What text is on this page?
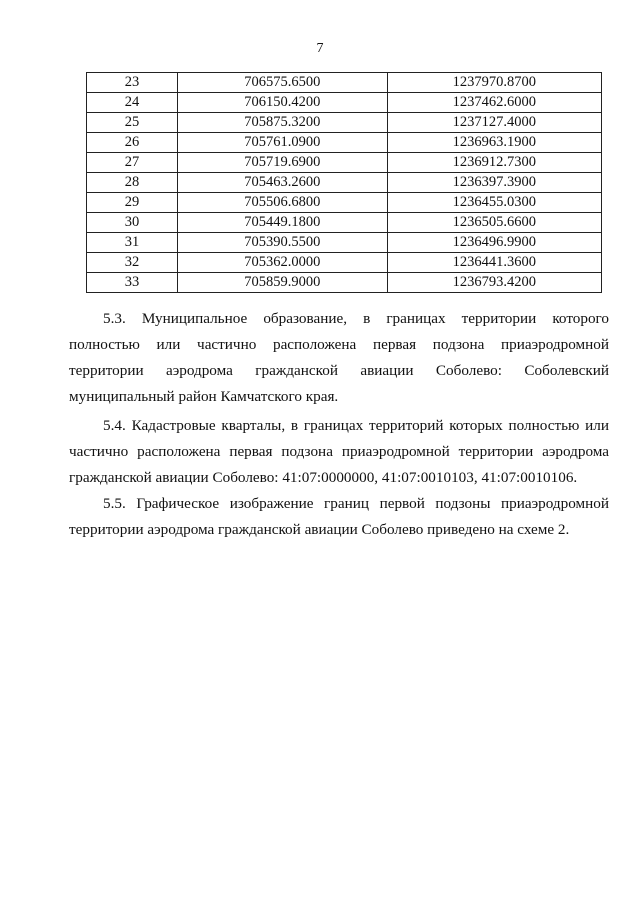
7
23	706575.6500	1237970.8700
24	706150.4200	1237462.6000
25	705875.3200	1237127.4000
26	705761.0900	1236963.1900
27	705719.6900	1236912.7300
28	705463.2600	1236397.3900
29	705506.6800	1236455.0300
30	705449.1800	1236505.6600
31	705390.5500	1236496.9900
32	705362.0000	1236441.3600
33	705859.9000	1236793.4200

5.3. Муниципальное образование, в границах территории которого полностью или частично расположена первая подзона приаэродромной территории аэродрома гражданской авиации Соболево: Соболевский муниципальный район Камчатского края.

5.4. Кадастровые кварталы, в границах территорий которых полностью или частично расположена первая подзона приаэродромной территории аэродрома гражданской авиации Соболево: 41:07:0000000, 41:07:0010103, 41:07:0010106.

5.5. Графическое изображение границ первой подзоны приаэродромной территории аэродрома гражданской авиации Соболево приведено на схеме 2.
